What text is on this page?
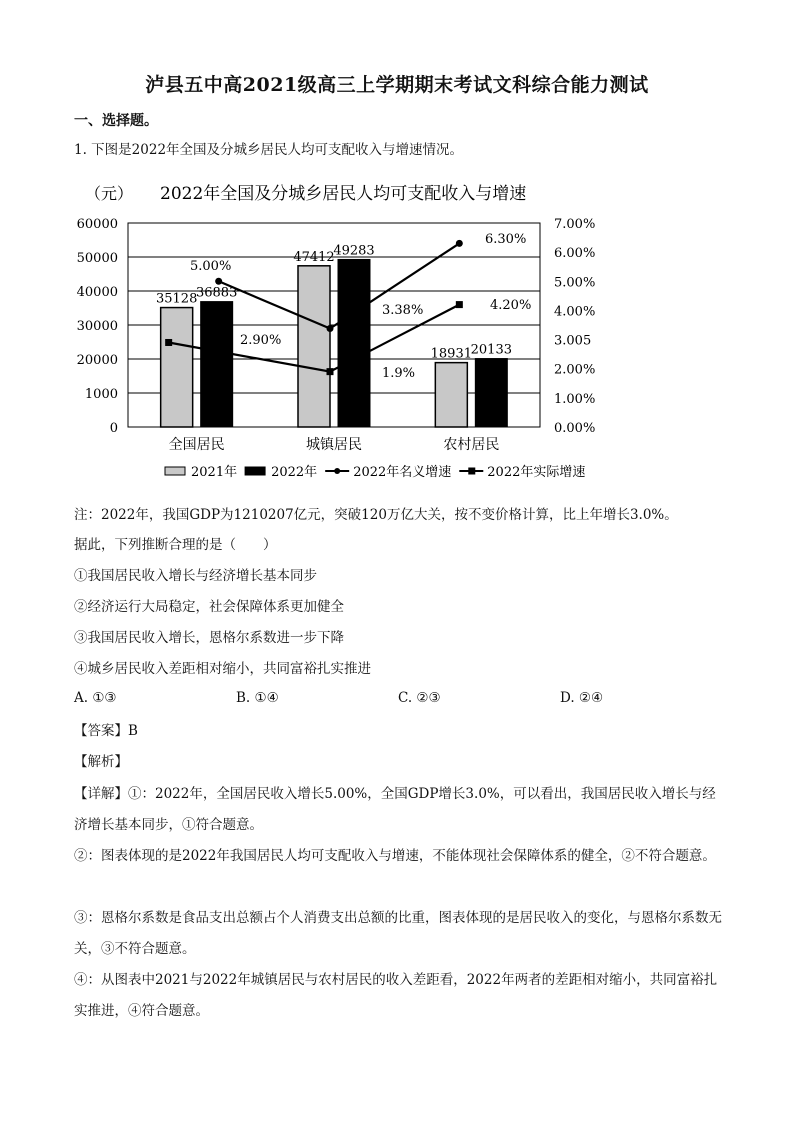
泸县五中高2021级高三上学期期末考试文科综合能力测试
一、选择题。
1. 下图是2022年全国及分城乡居民人均可支配收入与增速情况。
60000
50000
40000
30000
20000
1000
0
7.00%
6.00%
5.00%
4.00%
3.005
2.00%
1.00%
0.00%
35128
47412
18931
36883
49283
20133
5.00%
3.38%
6.30%
2.90%
1.9%
4.20%
全国居民	城镇居民	农村居民
2021年	2022年	2022年名义增速	2022年实际增速
2022年全国及分城乡居民人均可支配收入与增速
（元）
注：2022年，我国GDP为1210207亿元，突破120万亿大关，按不变价格计算，比上年增长3.0%。
据此，下列推断合理的是（　　）
①我国居民收入增长与经济增长基本同步
②经济运行大局稳定，社会保障体系更加健全
③我国居民收入增长，恩格尔系数进一步下降
④城乡居民收入差距相对缩小，共同富裕扎实推进
A. ①③	B. ①④	C. ②③	D. ②④
【答案】B
【解析】
【详解】①：2022年，全国居民收入增长5.00%，全国GDP增长3.0%，可以看出，我国居民收入增长与经济增长基本同步，①符合题意。
②：图表体现的是2022年我国居民人均可支配收入与增速，不能体现社会保障体系的健全，②不符合题意。
③：恩格尔系数是食品支出总额占个人消费支出总额的比重，图表体现的是居民收入的变化，与恩格尔系数无关，③不符合题意。
④：从图表中2021与2022年城镇居民与农村居民的收入差距看，2022年两者的差距相对缩小，共同富裕扎实推进，④符合题意。
